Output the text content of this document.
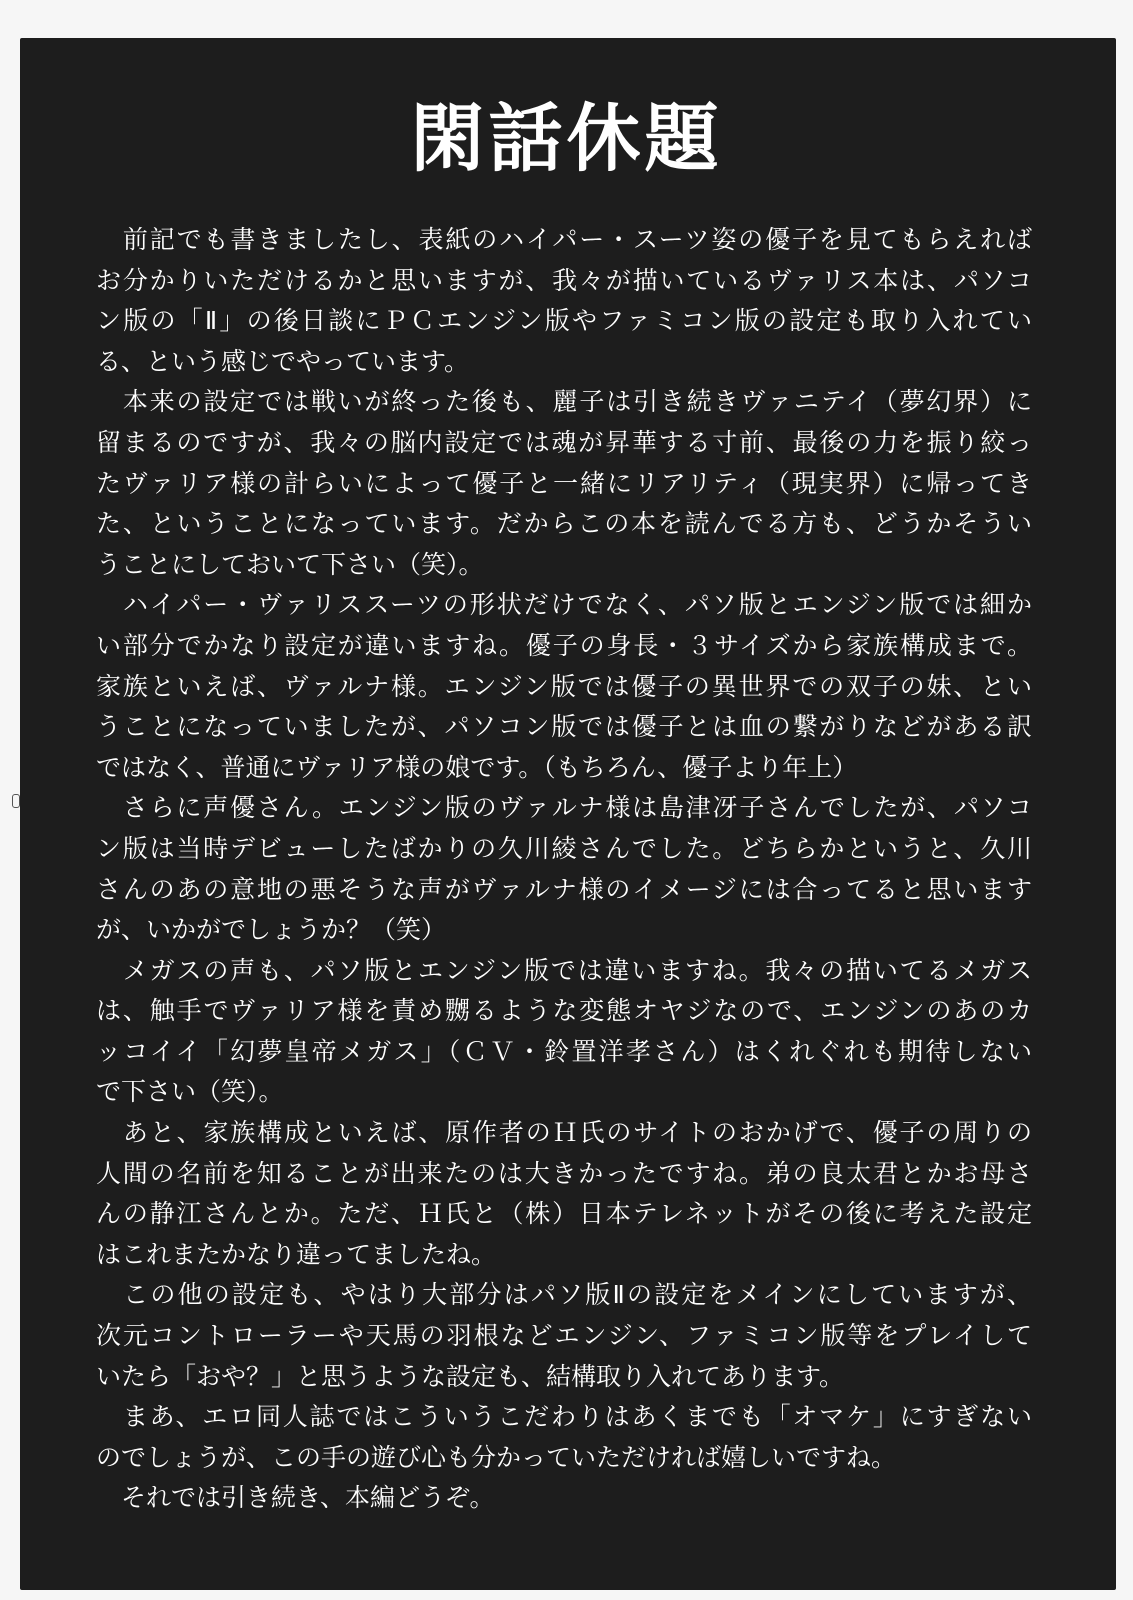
閑話休題
　前記でも書きましたし、表紙のハイパー・スーツ姿の優子を見てもらえれば
お分かりいただけるかと思いますが、我々が描いているヴァリス本は、パソコ
ン版の「Ⅱ」の後日談にＰＣエンジン版やファミコン版の設定も取り入れてい
る、という感じでやっています。
　本来の設定では戦いが終った後も、麗子は引き続きヴァニテイ（夢幻界）に
留まるのですが、我々の脳内設定では魂が昇華する寸前、最後の力を振り絞っ
たヴァリア様の計らいによって優子と一緒にリアリティ（現実界）に帰ってき
た、ということになっています。だからこの本を読んでる方も、どうかそうい
うことにしておいて下さい（笑）。
　ハイパー・ヴァリススーツの形状だけでなく、パソ版とエンジン版では細か
い部分でかなり設定が違いますね。優子の身長・３サイズから家族構成まで。
家族といえば、ヴァルナ様。エンジン版では優子の異世界での双子の妹、とい
うことになっていましたが、パソコン版では優子とは血の繋がりなどがある訳
ではなく、普通にヴァリア様の娘です。（もちろん、優子より年上）
　さらに声優さん。エンジン版のヴァルナ様は島津冴子さんでしたが、パソコ
ン版は当時デビューしたばかりの久川綾さんでした。どちらかというと、久川
さんのあの意地の悪そうな声がヴァルナ様のイメージには合ってると思います
が、いかがでしょうか？（笑）
　メガスの声も、パソ版とエンジン版では違いますね。我々の描いてるメガス
は、触手でヴァリア様を責め嬲るような変態オヤジなので、エンジンのあのカ
ッコイイ「幻夢皇帝メガス」（ＣＶ・鈴置洋孝さん）はくれぐれも期待しない
で下さい（笑）。
　あと、家族構成といえば、原作者のＨ氏のサイトのおかげで、優子の周りの
人間の名前を知ることが出来たのは大きかったですね。弟の良太君とかお母さ
んの静江さんとか。ただ、Ｈ氏と（株）日本テレネットがその後に考えた設定
はこれまたかなり違ってましたね。
　この他の設定も、やはり大部分はパソ版Ⅱの設定をメインにしていますが、
次元コントローラーや天馬の羽根などエンジン、ファミコン版等をプレイして
いたら「おや？」と思うような設定も、結構取り入れてあります。
　まあ、エロ同人誌ではこういうこだわりはあくまでも「オマケ」にすぎない
のでしょうが、この手の遊び心も分かっていただければ嬉しいですね。
　それでは引き続き、本編どうぞ。
